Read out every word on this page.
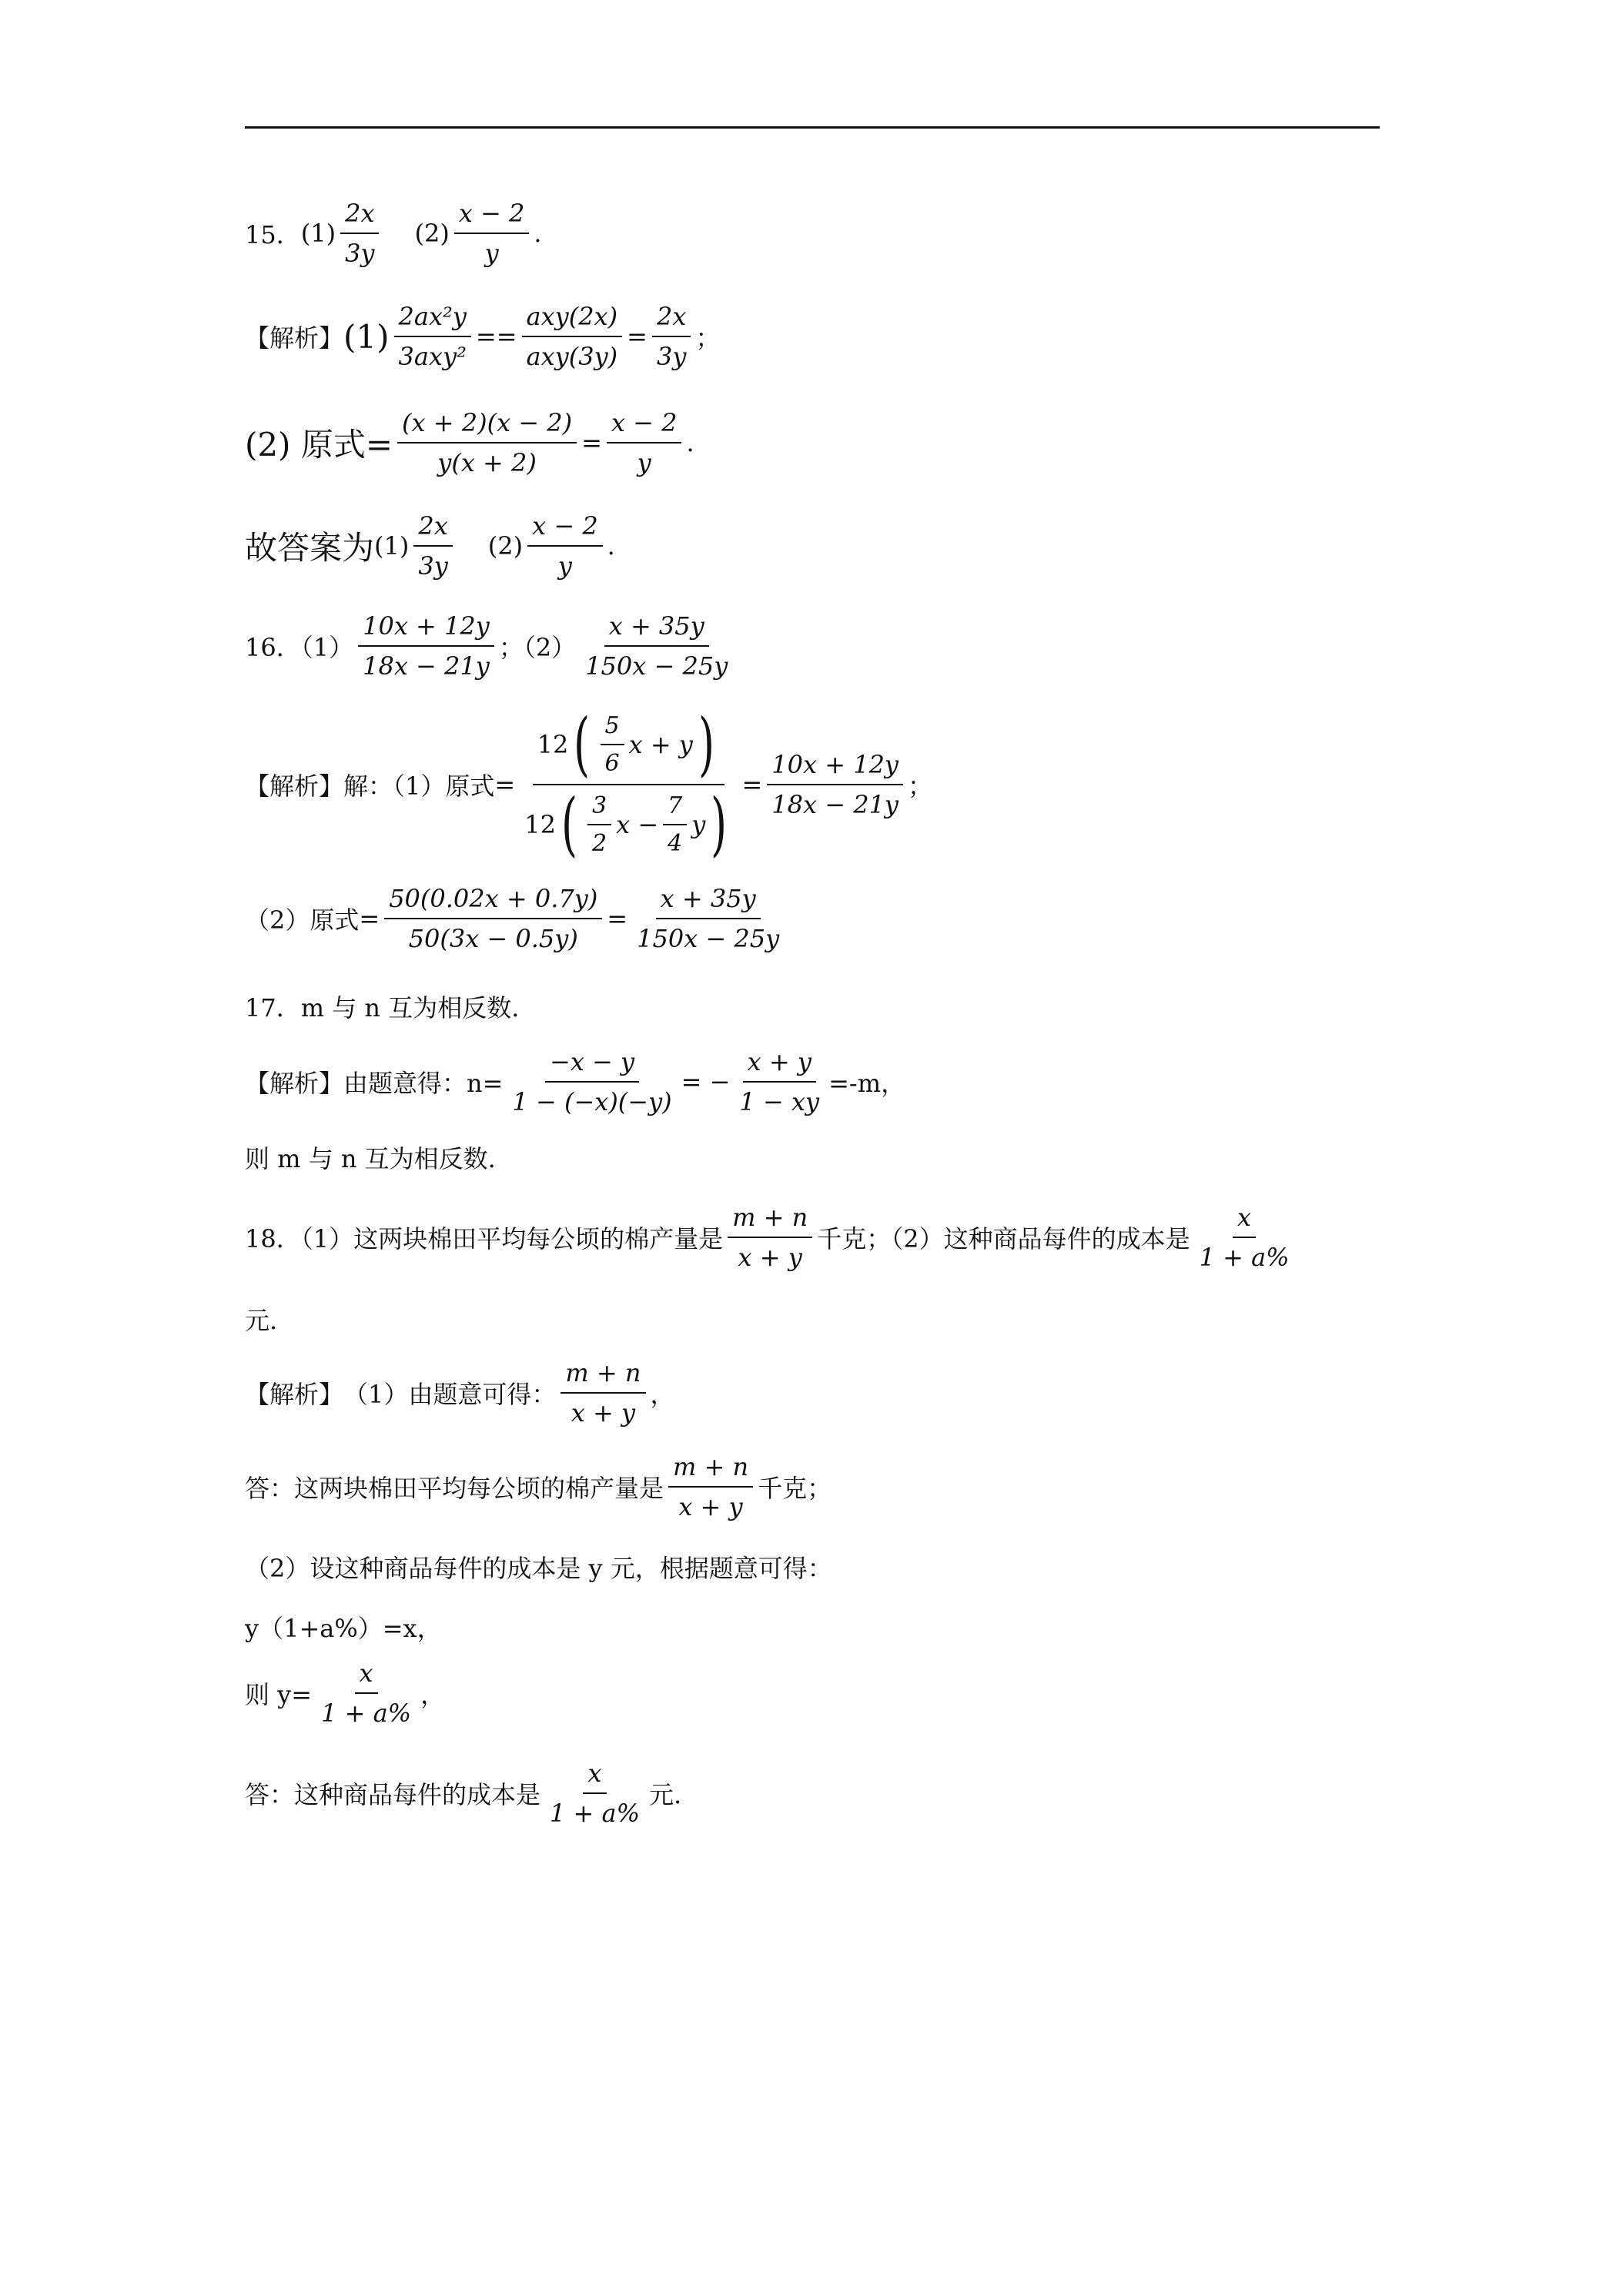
15． $(1) \frac{2x}{3y} (2) \frac{x - 2}{y}$ .
【解析】 $(1) \frac{\text{2ax²y}}{\text{3axy²}} == \frac{\text{axy(2x)}}{\text{axy(3y)}} = \frac{2x}{3y}$ ；
(2) 原式= $\frac{(x + 2)(x - 2)}{y(x + 2)} = \frac{x - 2}{y}$ .
故答案为 $(1) \frac{2x}{3y} (2) \frac{x - 2}{y}$ .
16．$(1) \frac{10x + 12y}{18x - 21y}$ ；$(2) \frac{x + 35y}{150x - 25y}$
【解析】 解：（1）原式 = $\frac{12 ( \frac{5}{6} x + y )}{12 ( \frac{3}{2} x - \frac{7}{4} y )} = \frac{10x + 12y}{18x - 21y}$ ；
（2）原式 = $\frac{50(0.02x + 0.7y)}{50(3x - 0.5y)} = \frac{x + 35y}{150x - 25y}$
17．m 与 n 互为相反数.
【解析】 由题意得：$n= \frac{-x - y}{1 - (-x)(-y)}$ = − $\frac{x + y}{1 - xy} =-m$，
则 m 与 n 互为相反数.
18．（1）这两块棉田平均每公顷的棉产量是 $\frac{m + n}{x + y}$ 千克；（2）这种商品每件的成本是 $\frac{x}{1 + a\%}$
元.
【解析】 （1）由题意可得： $\frac{m + n}{x + y}$ ，
答：这两块棉田平均每公顷的棉产量是 $\frac{m + n}{x + y}$ 千克；
（2）设这种商品每件的成本是 y 元，根据题意可得：
y（1+a%）=x，
则 $y= \frac{x}{1 + a\%}$ ，
答：这种商品每件的成本是 $\frac{x}{1 + a\%}$ 元.
